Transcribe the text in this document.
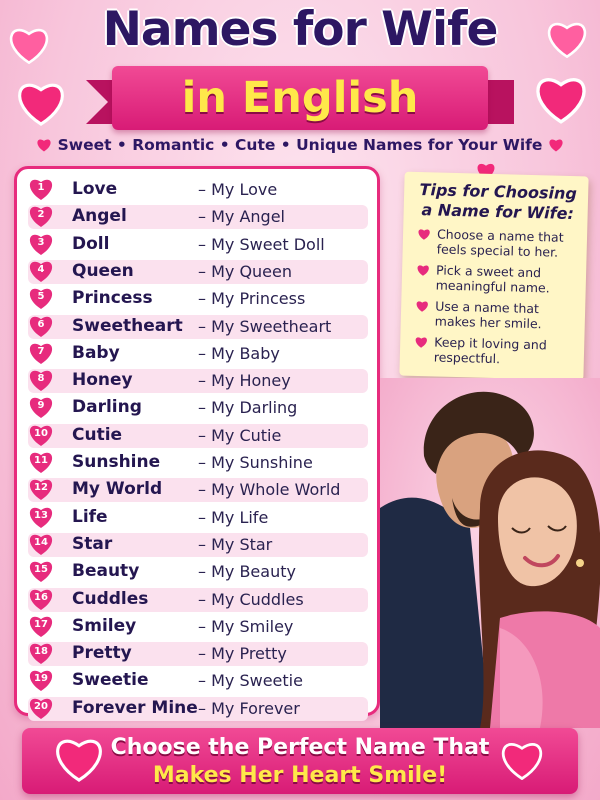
Names for Wife
in English
Sweet • Romantic • Cute • Unique Names for Your Wife
1	Love	– My Love
2	Angel	– My Angel
3	Doll	– My Sweet Doll
4	Queen	– My Queen
5	Princess	– My Princess
6	Sweetheart – My Sweetheart
7	Baby	– My Baby
8	Honey	– My Honey
9	Darling	– My Darling
10	Cutie	– My Cutie
11	Sunshine – My Sunshine
12	My World – My Whole World
13	Life	– My Life
14	Star	– My Star
15	Beauty	– My Beauty
16	Cuddles	– My Cuddles
17	Smiley	– My Smiley
18	Pretty	– My Pretty
19	Sweetie	– My Sweetie
20	Forever Mine – My Forever
Tips for Choosing a Name for Wife:
Choose a name that feels special to her.
Pick a sweet and meaningful name.
Use a name that makes her smile.
Keep it loving and respectful.
Choose the Perfect Name That
Makes Her Heart Smile!
